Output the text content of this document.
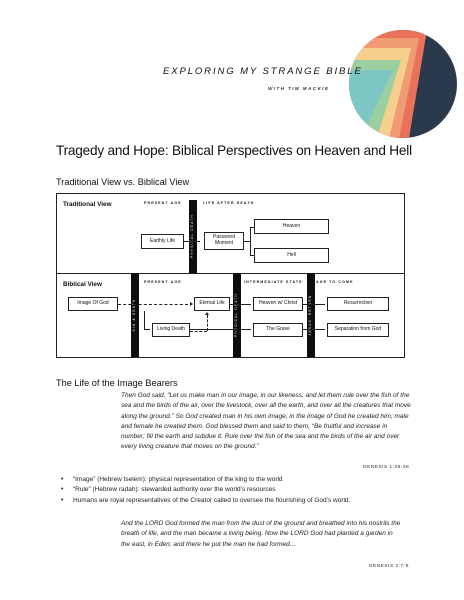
EXPLORING MY STRANGE BIBLE
WITH TIM MACKIE
Tragedy and Hope: Biblical Perspectives on Heaven and Hell
Traditional View vs. Biblical View
Traditional View	PRESENT AGE	LIFE AFTER DEATH
PHYSICAL DEATH
Earthly Life
Password Moment
Heaven
Hell
Biblical View	PRESENT AGE	INTERMEDIATE STATE	AGE TO COME
SIN & DEATH	PHYSICAL DEATH	JESUS' RETURN
Image Of God	Eternal Life	Heaven w/ Christ	Resurrection
Living Death	The Grave	Separation from God
The Life of the Image Bearers
Then God said, “Let us make man in our image, in our likeness, and let them rule over the fish of the sea and the birds of the air, over the livestock, over all the earth, and over all the creatures that move along the ground.” So God created man in his own image, in the image of God he created him; male and female he created them. God blessed them and said to them, “Be fruitful and increase in number; fill the earth and subdue it. Rule over the fish of the sea and the birds of the air and over every living creature that moves on the ground.”
GENESIS 1:26-28
• “Image” (Hebrew tselem): physical representation of the king to the world
• “Rule” (Hebrew radah): stewarded authority over the world’s resources
• Humans are royal representatives of the Creator called to oversee the flourishing of God’s world.
And the LORD God formed the man from the dust of the ground and breathed into his nostrils the breath of life, and the man became a living being. Now the LORD God had planted a garden in the east, in Eden; and there he put the man he had formed…
GENESIS 2:7-8
